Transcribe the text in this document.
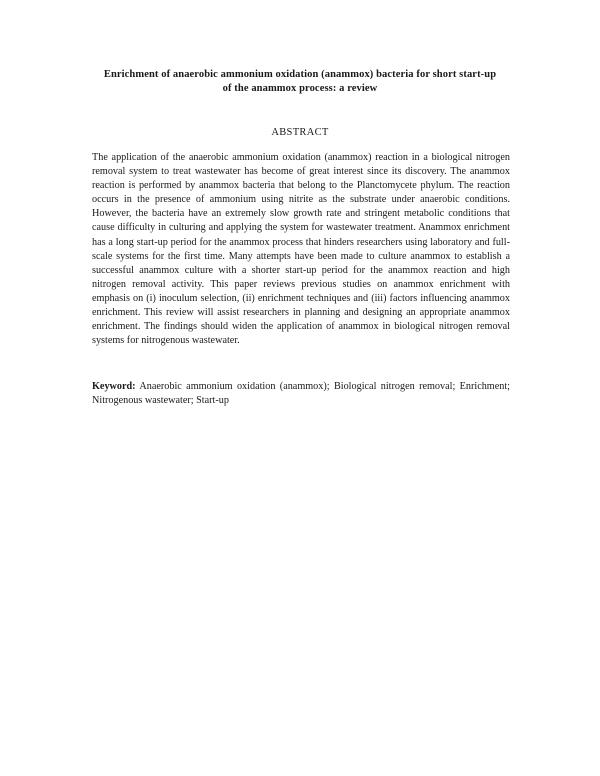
Enrichment of anaerobic ammonium oxidation (anammox) bacteria for short start-up
of the anammox process: a review
ABSTRACT
The application of the anaerobic ammonium oxidation (anammox) reaction in a biological nitrogen removal system to treat wastewater has become of great interest since its discovery. The anammox reaction is performed by anammox bacteria that belong to the Planctomycete phylum. The reaction occurs in the presence of ammonium using nitrite as the substrate under anaerobic conditions. However, the bacteria have an extremely slow growth rate and stringent metabolic conditions that cause difficulty in culturing and applying the system for wastewater treatment. Anammox enrichment has a long start-up period for the anammox process that hinders researchers using laboratory and full-scale systems for the first time. Many attempts have been made to culture anammox to establish a successful anammox culture with a shorter start-up period for the anammox reaction and high nitrogen removal activity. This paper reviews previous studies on anammox enrichment with emphasis on (i) inoculum selection, (ii) enrichment techniques and (iii) factors influencing anammox enrichment. This review will assist researchers in planning and designing an appropriate anammox enrichment. The findings should widen the application of anammox in biological nitrogen removal systems for nitrogenous wastewater.
Keyword: Anaerobic ammonium oxidation (anammox); Biological nitrogen removal; Enrichment; Nitrogenous wastewater; Start-up
